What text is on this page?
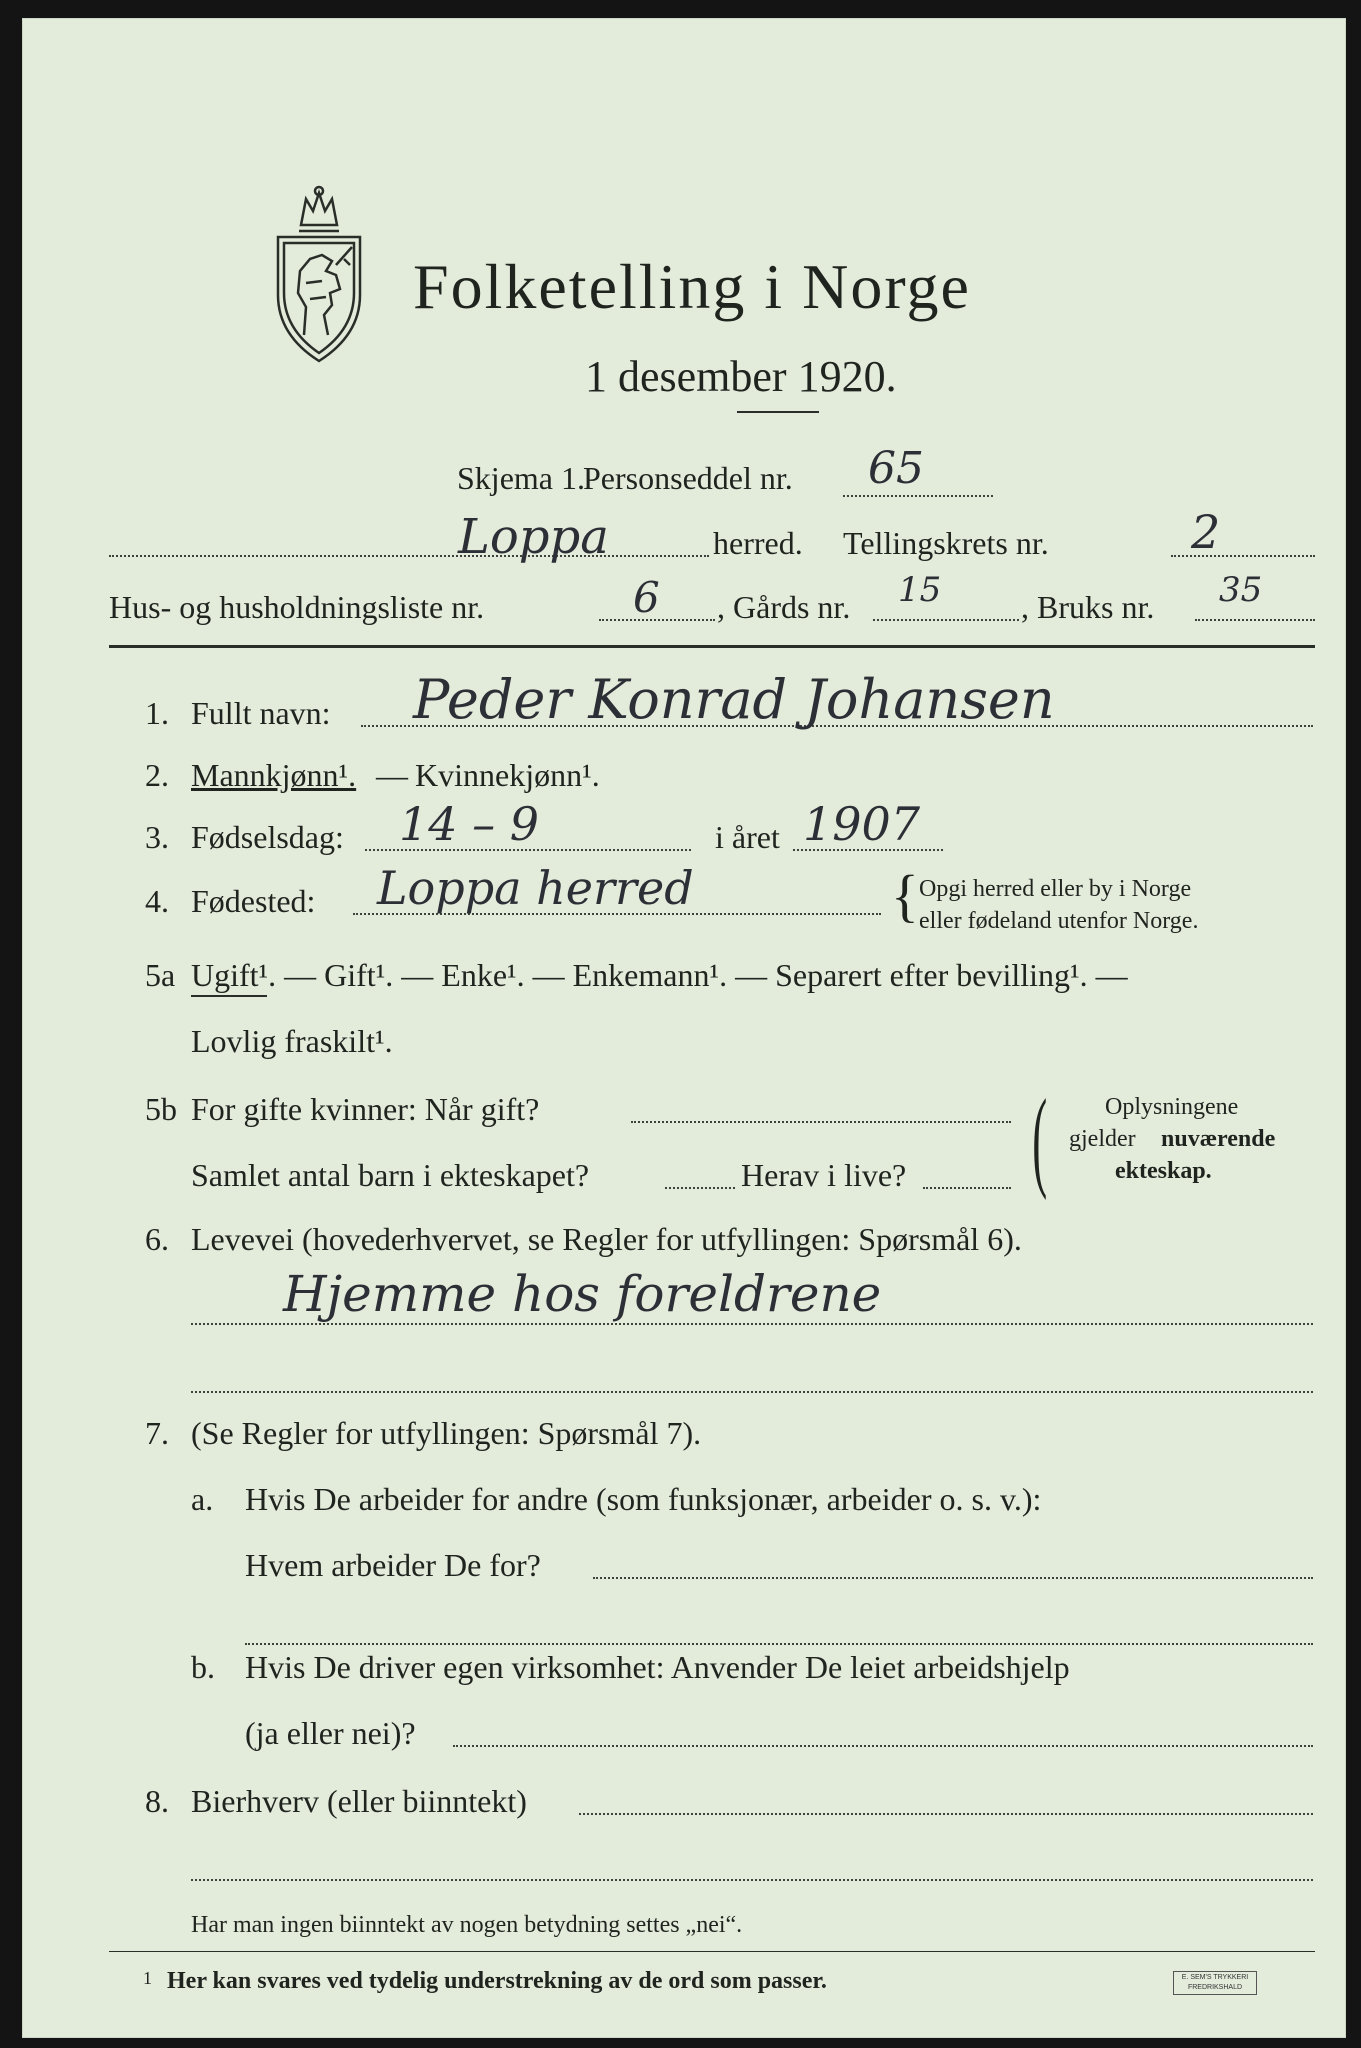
Folketelling i Norge
1 desember 1920.
Skjema 1.
Personseddel nr. 65
Loppa	herred. Tellingskrets nr.	2
Hus- og husholdningsliste nr.	6 , Gårds nr. 15 , Bruks nr. 35
1. Fullt navn: Peder Konrad Johansen
2. Mannkjønn¹. — Kvinnekjønn¹.
3. Fødselsdag: 14 – 9	i året 1907
4. Fødested: Loppa herred	{ Opgi herred eller by i Norge
eller fødeland utenfor Norge.
5a Ugift¹. — Gift¹. — Enke¹. — Enkemann¹. — Separert efter bevilling¹. —
Lovlig fraskilt¹.
5b For gifte kvinner: Når gift?
Samlet antal barn i ekteskapet?	Herav i live? ( Oplysningene
gjelder nuværende
ekteskap.
6. Levevei (hovederhvervet, se Regler for utfyllingen: Spørsmål 6).
Hjemme hos foreldrene
7. (Se Regler for utfyllingen: Spørsmål 7).
a. Hvis De arbeider for andre (som funksjonær, arbeider o. s. v.):
Hvem arbeider De for?
b. Hvis De driver egen virksomhet: Anvender De leiet arbeidshjelp
(ja eller nei)?
8. Bierhverv (eller biinntekt)
Har man ingen biinntekt av nogen betydning settes „nei“.
1 Her kan svares ved tydelig understrekning av de ord som passer.	E. SEM'S TRYKKERI
FREDRIKSHALD
